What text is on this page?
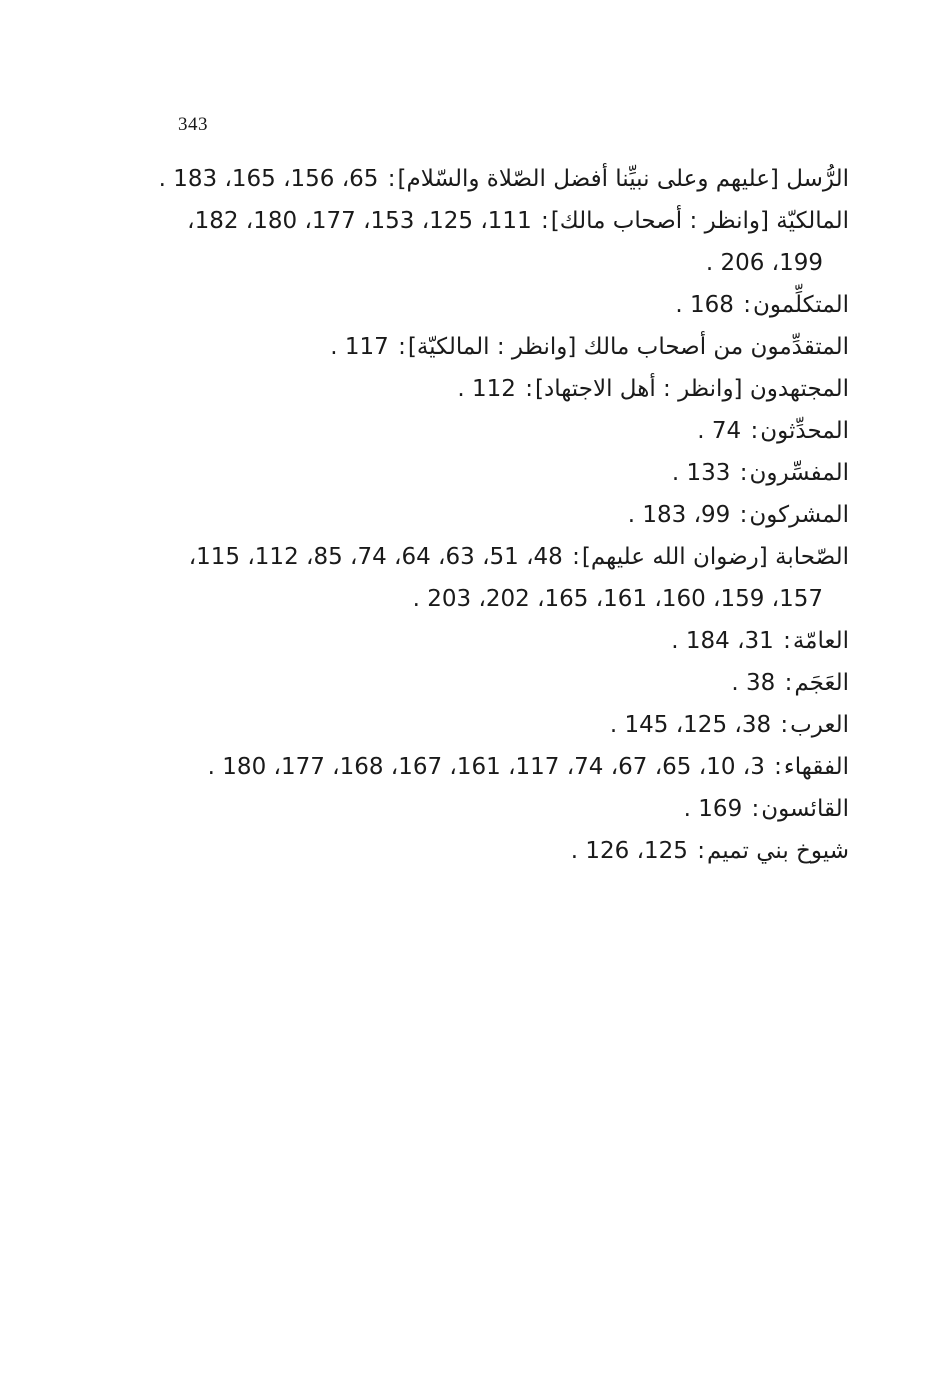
343
الرُّسل [عليهم وعلى نبيِّنا أفضل الصّلاة والسّلام]: 65، 156، 165، 183 .
المالكيّة [وانظر : أصحاب مالك]: 111، 125، 153، 177، 180، 182،
199، 206 .
المتكلِّمون: 168 .
المتقدِّمون من أصحاب مالك [وانظر : المالكيّة]: 117 .
المجتهدون [وانظر : أهل الاجتهاد]: 112 .
المحدِّثون: 74 .
المفسِّرون: 133 .
المشركون: 99، 183 .
الصّحابة [رضوان الله عليهم]: 48، 51، 63، 64، 74، 85، 112، 115،
157، 159، 160، 161، 165، 202، 203 .
العامّة: 31، 184 .
العَجَم: 38 .
العرب: 38، 125، 145 .
الفقهاء: 3، 10، 65، 67، 74، 117، 161، 167، 168، 177، 180 .
القائسون: 169 .
شيوخ بني تميم: 125، 126 .
